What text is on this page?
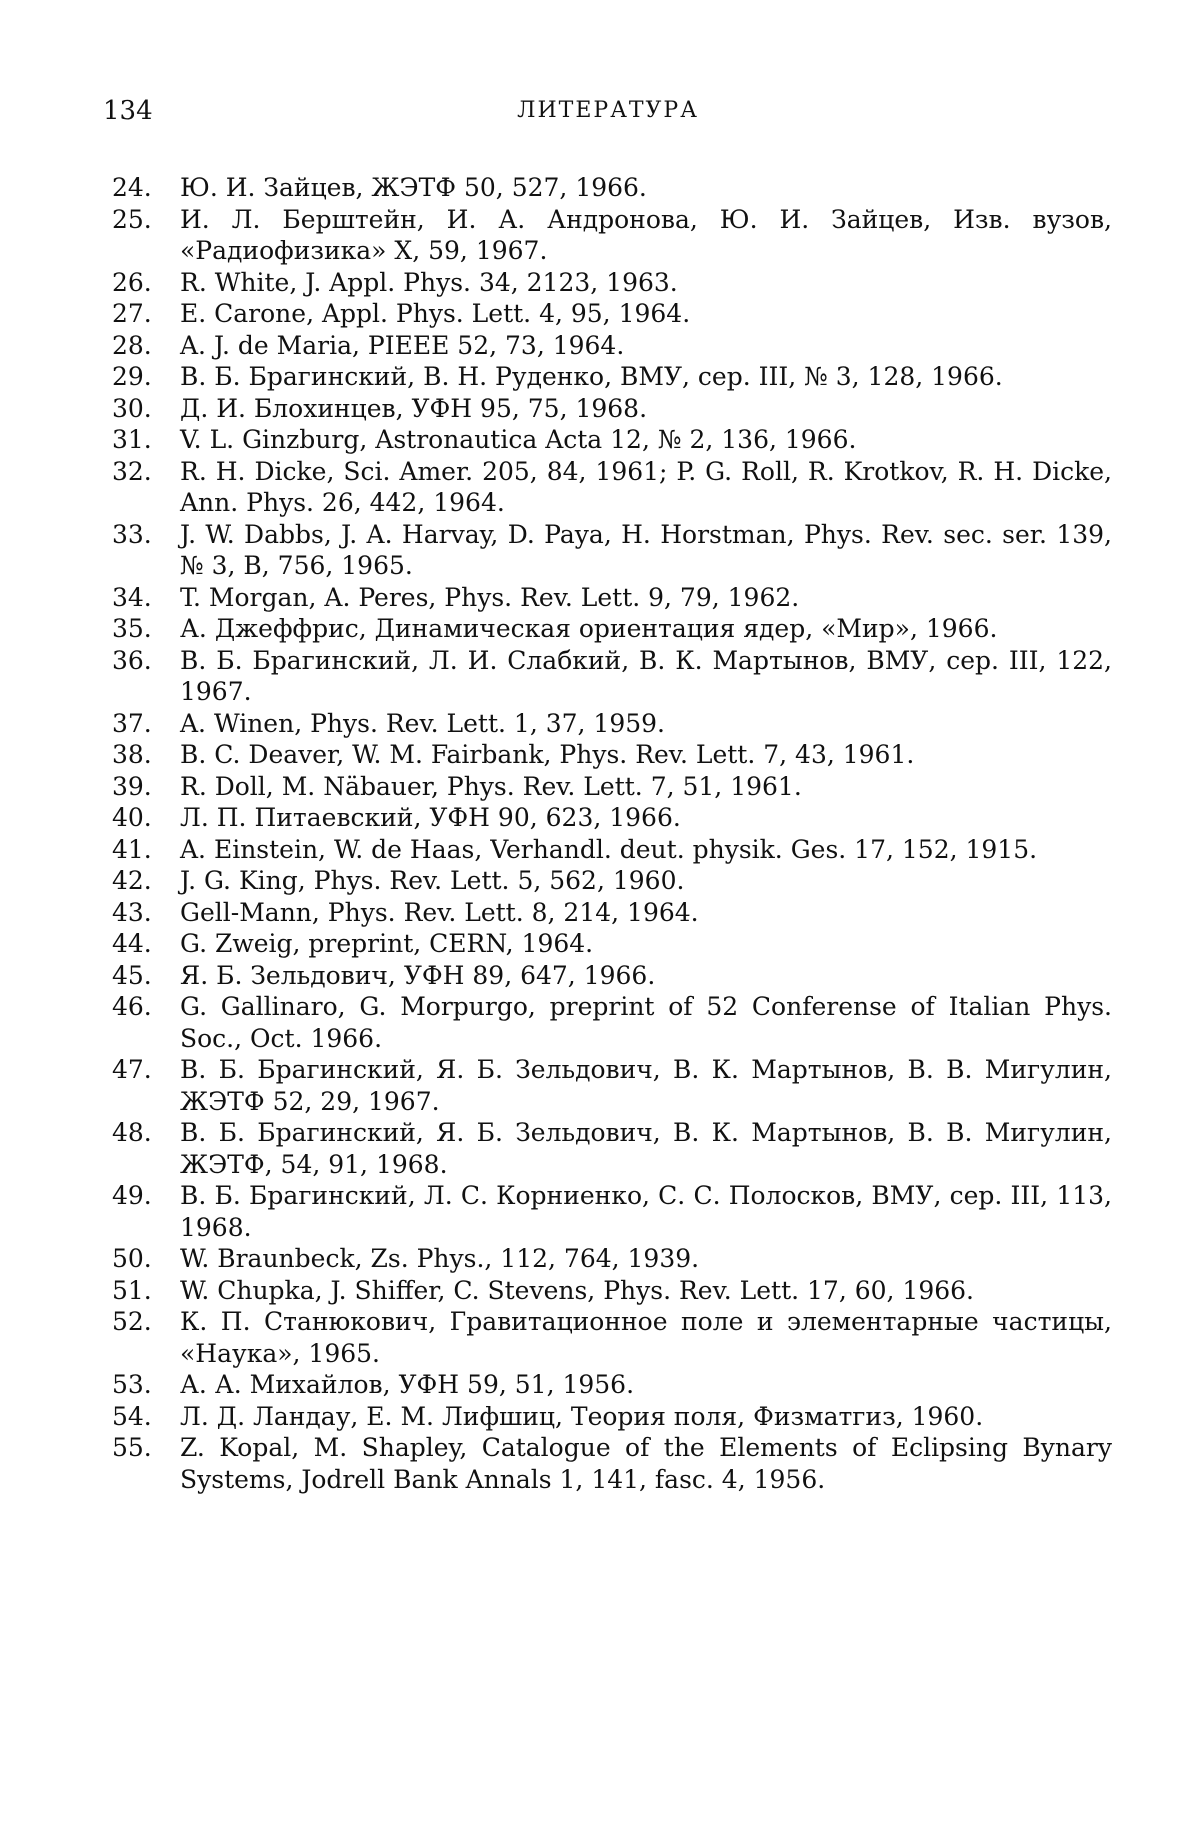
134	ЛИТЕРАТУРА
24.	Ю. И. Зайцев, ЖЭТФ 50, 527, 1966.
25.	И. Л. Берштейн, И. А. Андронова, Ю. И. Зайцев, Изв. вузов, «Радиофизика» X, 59, 1967.
26.	R. White, J. Appl. Phys. 34, 2123, 1963.
27.	E. Carone, Appl. Phys. Lett. 4, 95, 1964.
28.	A. J. de Maria, PIEEE 52, 73, 1964.
29.	В. Б. Брагинский, В. Н. Руденко, ВМУ, сер. III, № 3, 128, 1966.
30.	Д. И. Блохинцев, УФН 95, 75, 1968.
31.	V. L. Ginzburg, Astronautica Acta 12, № 2, 136, 1966.
32.	R. H. Dicke, Sci. Amer. 205, 84, 1961; P. G. Roll, R. Krotkov, R. H. Dicke, Ann. Phys. 26, 442, 1964.
33.	J. W. Dabbs, J. A. Harvay, D. Paya, H. Horstman, Phys. Rev. sec. ser. 139, № 3, B, 756, 1965.
34.	T. Morgan, A. Peres, Phys. Rev. Lett. 9, 79, 1962.
35.	А. Джеффрис, Динамическая ориентация ядер, «Мир», 1966.
36.	В. Б. Брагинский, Л. И. Слабкий, В. К. Мартынов, ВМУ, сер. III, 122, 1967.
37.	A. Winen, Phys. Rev. Lett. 1, 37, 1959.
38.	B. C. Deaver, W. M. Fairbank, Phys. Rev. Lett. 7, 43, 1961.
39.	R. Doll, M. Näbauer, Phys. Rev. Lett. 7, 51, 1961.
40.	Л. П. Питаевский, УФН 90, 623, 1966.
41.	A. Einstein, W. de Haas, Verhandl. deut. physik. Ges. 17, 152, 1915.
42.	J. G. King, Phys. Rev. Lett. 5, 562, 1960.
43.	Gell-Mann, Phys. Rev. Lett. 8, 214, 1964.
44.	G. Zweig, preprint, CERN, 1964.
45.	Я. Б. Зельдович, УФН 89, 647, 1966.
46.	G. Gallinaro, G. Morpurgo, preprint of 52 Conferense of Italian Phys. Soc., Oct. 1966.
47.	В. Б. Брагинский, Я. Б. Зельдович, В. К. Мартынов, В. В. Мигулин, ЖЭТФ 52, 29, 1967.
48.	В. Б. Брагинский, Я. Б. Зельдович, В. К. Мартынов, В. В. Мигулин, ЖЭТФ, 54, 91, 1968.
49.	В. Б. Брагинский, Л. С. Корниенко, С. С. Полосков, ВМУ, сер. III, 113, 1968.
50.	W. Braunbeck, Zs. Phys., 112, 764, 1939.
51.	W. Chupka, J. Shiffer, C. Stevens, Phys. Rev. Lett. 17, 60, 1966.
52.	К. П. Станюкович, Гравитационное поле и элементарные частицы, «Наука», 1965.
53.	А. А. Михайлов, УФН 59, 51, 1956.
54.	Л. Д. Ландау, Е. М. Лифшиц, Теория поля, Физматгиз, 1960.
55.	Z. Kopal, M. Shapley, Catalogue of the Elements of Eclipsing Bynary Systems, Jodrell Bank Annals 1, 141, fasc. 4, 1956.
